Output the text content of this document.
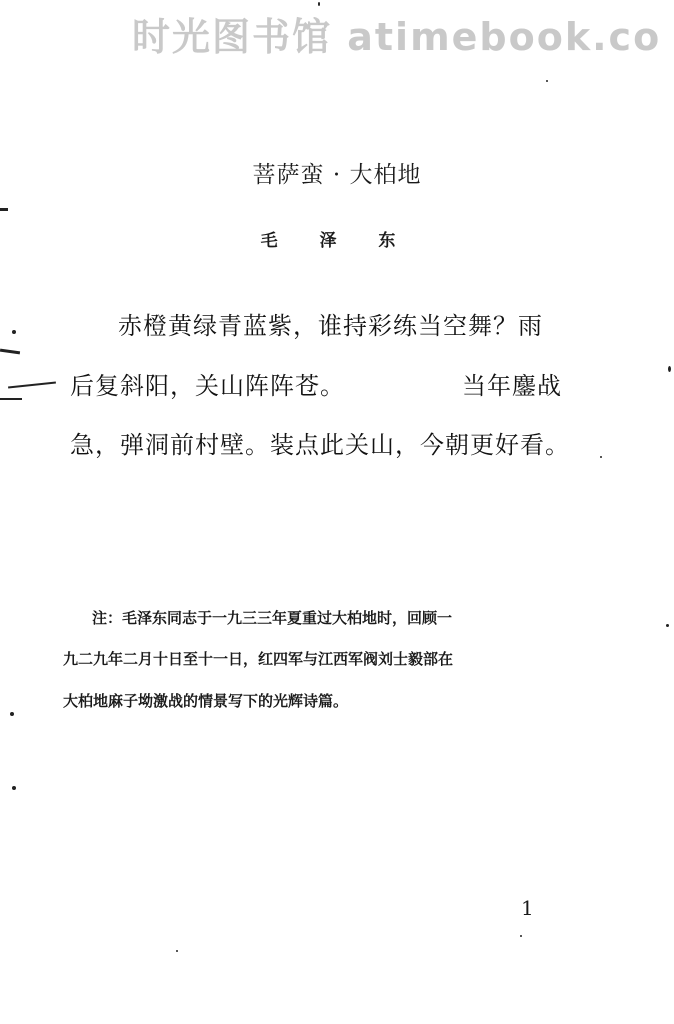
时光图书馆 atimebook.co
菩萨蛮 · 大柏地
毛 泽 东
赤橙黄绿青蓝紫，谁持彩练当空舞？雨
后复斜阳，关山阵阵苍。	当年鏖战
急，弹洞前村壁。装点此关山，今朝更好看。
注：毛泽东同志于一九三三年夏重过大柏地时，回顾一
九二九年二月十日至十一日，红四军与江西军阀刘士毅部在
大柏地麻子坳激战的情景写下的光辉诗篇。
1
